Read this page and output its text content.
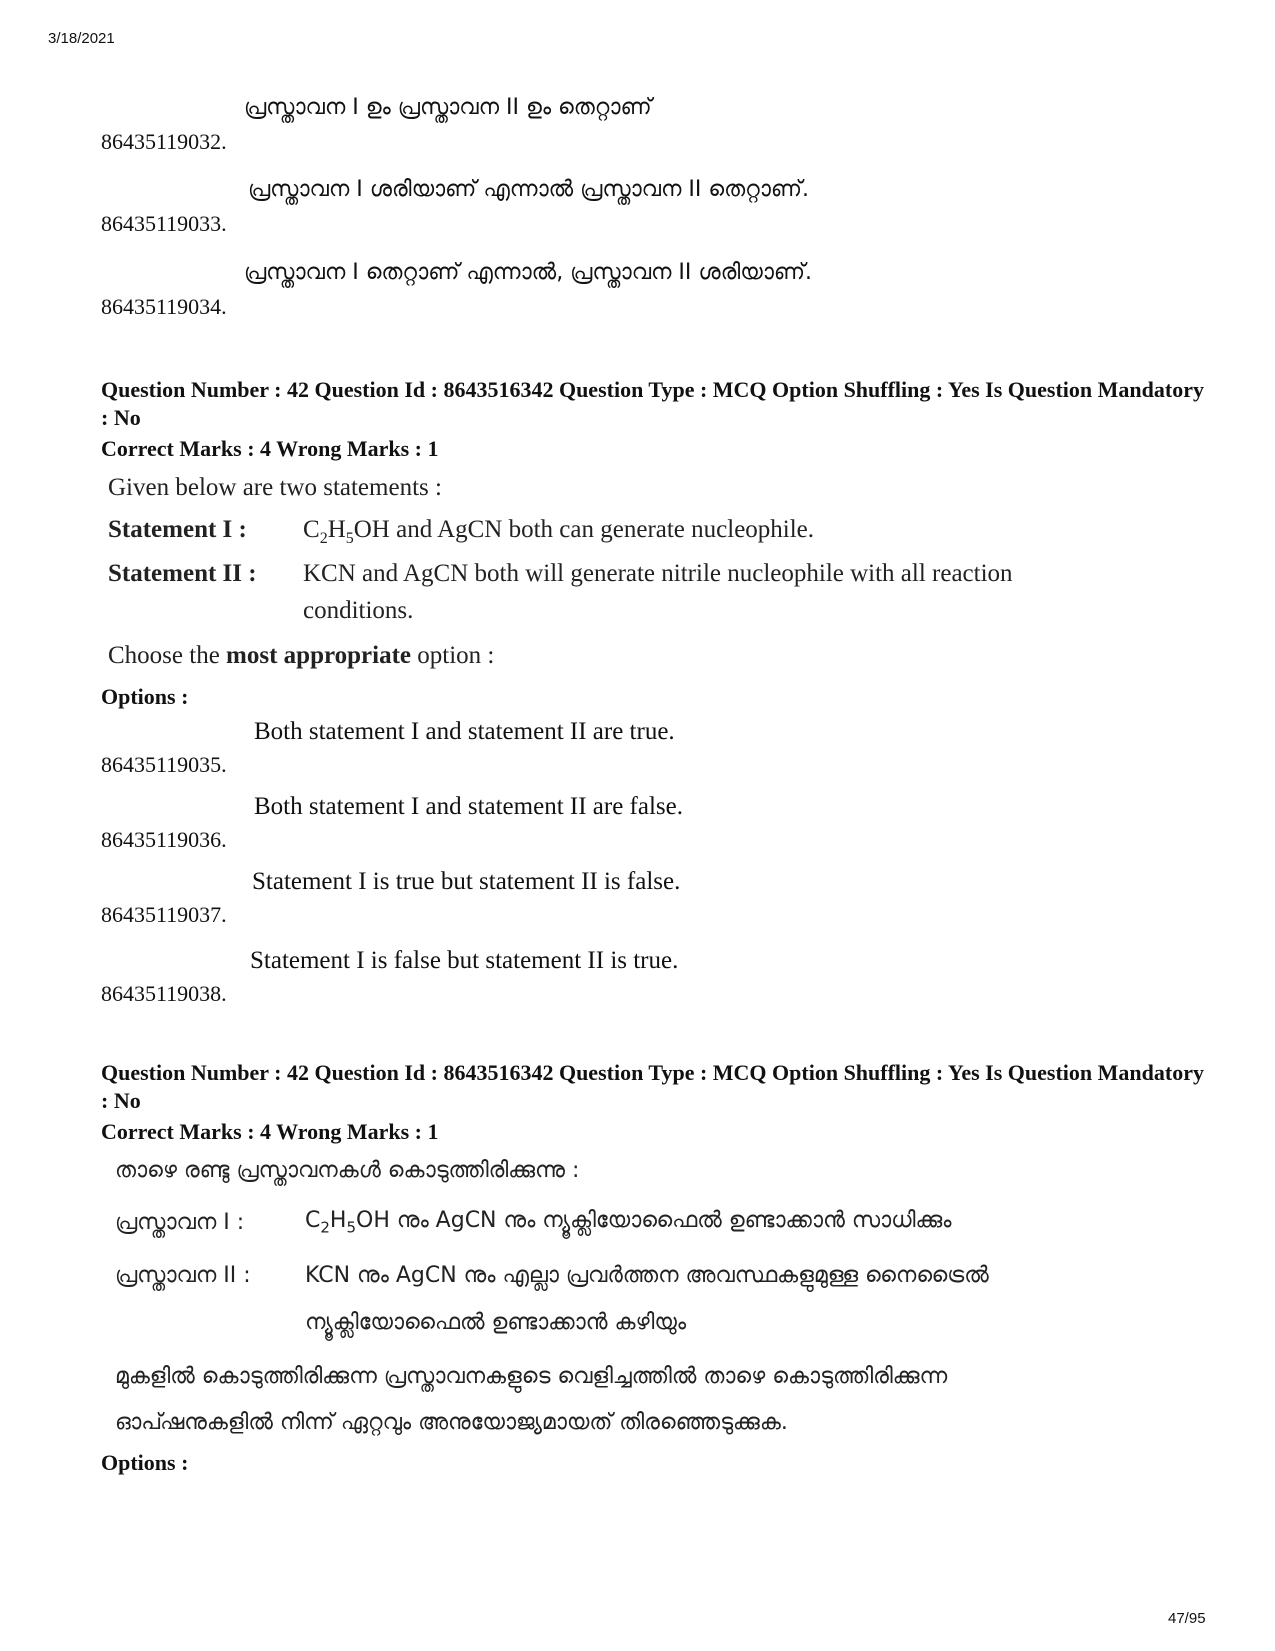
3/18/2021
86435119032.
പ്രസ്താവന I ഉം പ്രസ്താവന II ഉം തെറ്റാണ്
86435119033.
പ്രസ്താവന I ശരിയാണ് എന്നാൽ പ്രസ്താവന II തെറ്റാണ്.
86435119034.
പ്രസ്താവന I തെറ്റാണ് എന്നാൽ, പ്രസ്താവന II ശരിയാണ്.
Question Number : 42 Question Id : 8643516342 Question Type : MCQ Option Shuffling : Yes Is Question Mandatory : No
Correct Marks : 4 Wrong Marks : 1
Given below are two statements :
Statement I : $C_2H_5OH$ and AgCN both can generate nucleophile.
Statement II : KCN and AgCN both will generate nitrile nucleophile with all reaction
conditions.
Choose the most appropriate option :
Options :
86435119035.
Both statement I and statement II are true.
86435119036.
Both statement I and statement II are false.
86435119037.
Statement I is true but statement II is false.
86435119038.
Statement I is false but statement II is true.
Question Number : 42 Question Id : 8643516342 Question Type : MCQ Option Shuffling : Yes Is Question Mandatory : No
Correct Marks : 4 Wrong Marks : 1
താഴെ രണ്ടു പ്രസ്താവനകൾ കൊടുത്തിരിക്കുന്നു :
പ്രസ്താവന I :	$C_2H_5OH$ നും AgCN നും ന്യൂക്ലിയോഫൈൽ ഉണ്ടാക്കാൻ സാധിക്കും
പ്രസ്താവന II : KCN നും AgCN നും എല്ലാ പ്രവർത്തന അവസ്ഥകളുമുള്ള നൈട്രൈൽ
ന്യൂക്ലിയോഫൈൽ ഉണ്ടാക്കാൻ കഴിയും
മുകളിൽ കൊടുത്തിരിക്കുന്ന പ്രസ്താവനകളുടെ വെളിച്ചത്തിൽ താഴെ കൊടുത്തിരിക്കുന്ന
ഓപ്ഷനുകളിൽ നിന്ന് ഏറ്റവും അനുയോജ്യമായത് തിരഞ്ഞെടുക്കുക.
Options :
47/95
